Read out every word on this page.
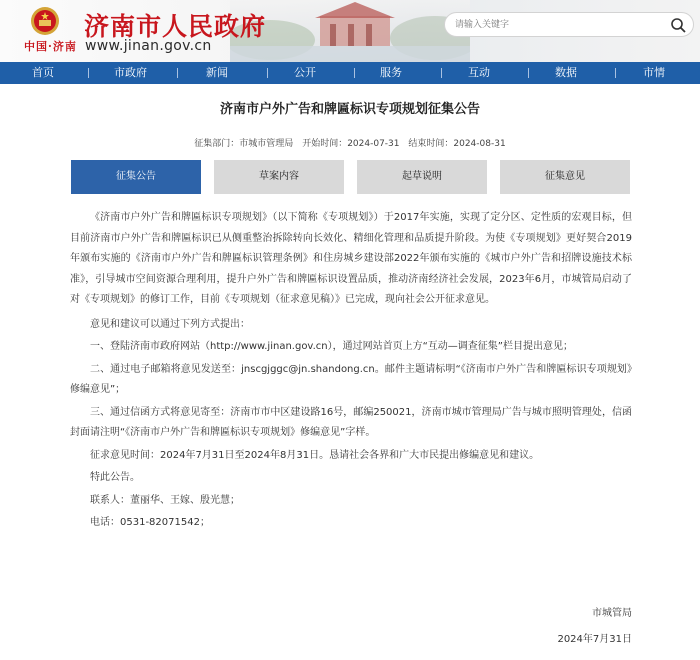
中国·济南
济南市人民政府
www.jinan.gov.cn
请输入关键字
首页	市政府	新闻	公开	服务	互动	数据	市情
济南市户外广告和牌匾标识专项规划征集公告
征集部门：市城市管理局 开始时间：2024-07-31 结束时间：2024-08-31
征集公告	草案内容	起草说明	征集意见

《济南市户外广告和牌匾标识专项规划》（以下简称《专项规划》）于2017年实施，实现了定分区、定性质的宏观目标，但目前济南市户外广告和牌匾标识已从侧重整治拆除转向长效化、精细化管理和品质提升阶段。为使《专项规划》更好契合2019年颁布实施的《济南市户外广告和牌匾标识管理条例》和住房城乡建设部2022年颁布实施的《城市户外广告和招牌设施技术标准》，引导城市空间资源合理利用，提升户外广告和牌匾标识设置品质，推动济南经济社会发展，2023年6月，市城管局启动了对《专项规划》的修订工作，目前《专项规划（征求意见稿）》已完成，现向社会公开征求意见。

意见和建议可以通过下列方式提出：

一、登陆济南市政府网站（http://www.jinan.gov.cn），通过网站首页上方“互动—调查征集”栏目提出意见；

二、通过电子邮箱将意见发送至：jnscgjggc@jn.shandong.cn。邮件主题请标明“《济南市户外广告和牌匾标识专项规划》修编意见”；

三、通过信函方式将意见寄至：济南市市中区建设路16号，邮编250021，济南市城市管理局广告与城市照明管理处，信函封面请注明“《济南市户外广告和牌匾标识专项规划》修编意见”字样。

征求意见时间：2024年7月31日至2024年8月31日。恳请社会各界和广大市民提出修编意见和建议。

特此公告。

联系人：董丽华、王嫁、殷光慧；

电话：0531-82071542；

市城管局
2024年7月31日
